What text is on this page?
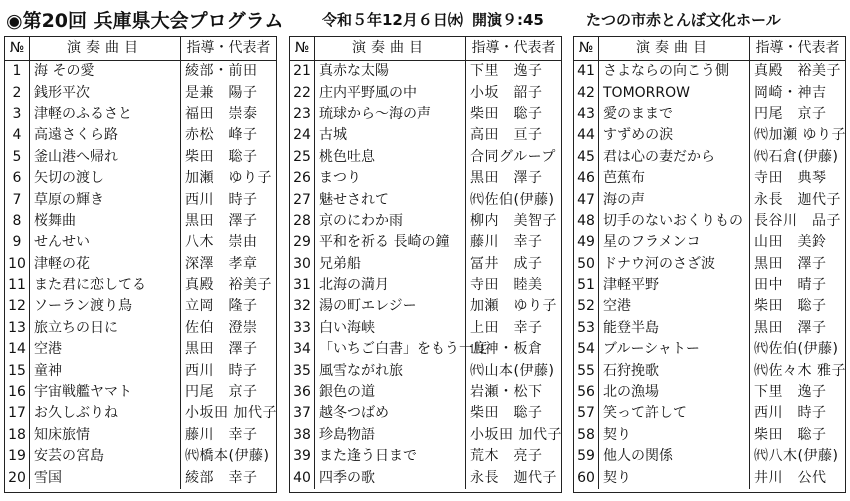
◉第20回 兵庫県大会プログラム	令和５年12月６日㈬ 開演９:45	たつの市赤とんぼ文化ホール
№	演奏曲目	指導・代表者
1	海 その愛	綾部・前田
2	銭形平次	是兼　陽子
3	津軽のふるさと	福田　崇泰
4	高遠さくら路	赤松　峰子
5	釜山港へ帰れ	柴田　聡子
6	矢切の渡し	加瀬　ゆり子
7	草原の輝き	西川　時子
8	桜舞曲	黒田　澤子
9	せんせい	八木　崇由
10	津軽の花	深澤　孝章
11	また君に恋してる	真殿　裕美子
12	ソーラン渡り鳥	立岡　隆子
13	旅立ちの日に	佐伯　澄崇
14	空港	黒田　澤子
15	童神	西川　時子
16	宇宙戦艦ヤマト	円尾　京子
17	お久しぶりね	小坂田 加代子
18	知床旅情	藤川　幸子
19	安芸の宮島	㈹橋本(伊藤)
20	雪国	綾部　幸子
№	演奏曲目	指導・代表者
21	真赤な太陽	下里　逸子
22	庄内平野風の中	小坂　韶子
23	琉球から～海の声	柴田　聡子
24	古城	高田　亘子
25	桃色吐息	合同グループ
26	まつり	黒田　澤子
27	魅せされて	㈹佐伯(伊藤)
28	京のにわか雨	柳内　美智子
29	平和を祈る 長崎の鐘	藤川　幸子
30	兄弟船	冨井　成子
31	北海の満月	寺田　睦美
32	湯の町エレジー	加瀬　ゆり子
33	白い海峡	上田　幸子
34	「いちご白書」をもう一度	山神・板倉
35	風雪ながれ旅	㈹山本(伊藤)
36	銀色の道	岩瀬・松下
37	越冬つばめ	柴田　聡子
38	珍島物語	小坂田 加代子
39	また逢う日まで	荒木　亮子
40	四季の歌	永長　迦代子
№	演奏曲目	指導・代表者
41	さよならの向こう側	真殿　裕美子
42	TOMORROW	岡崎・神吉
43	愛のままで	円尾　京子
44	すずめの涙	㈹加瀬 ゆり子
45	君は心の妻だから	㈹石倉(伊藤)
46	芭蕉布	寺田　典琴
47	海の声	永長　迦代子
48	切手のないおくりもの	長谷川　品子
49	星のフラメンコ	山田　美鈴
50	ドナウ河のさざ波	黒田　澤子
51	津軽平野	田中　晴子
52	空港	柴田　聡子
53	能登半島	黒田　澤子
54	ブルーシャトー	㈹佐伯(伊藤)
55	石狩挽歌	㈹佐々木 雅子
56	北の漁場	下里　逸子
57	笑って許して	西川　時子
58	契り	柴田　聡子
59	他人の関係	㈹八木(伊藤)
60	契り	井川　公代
